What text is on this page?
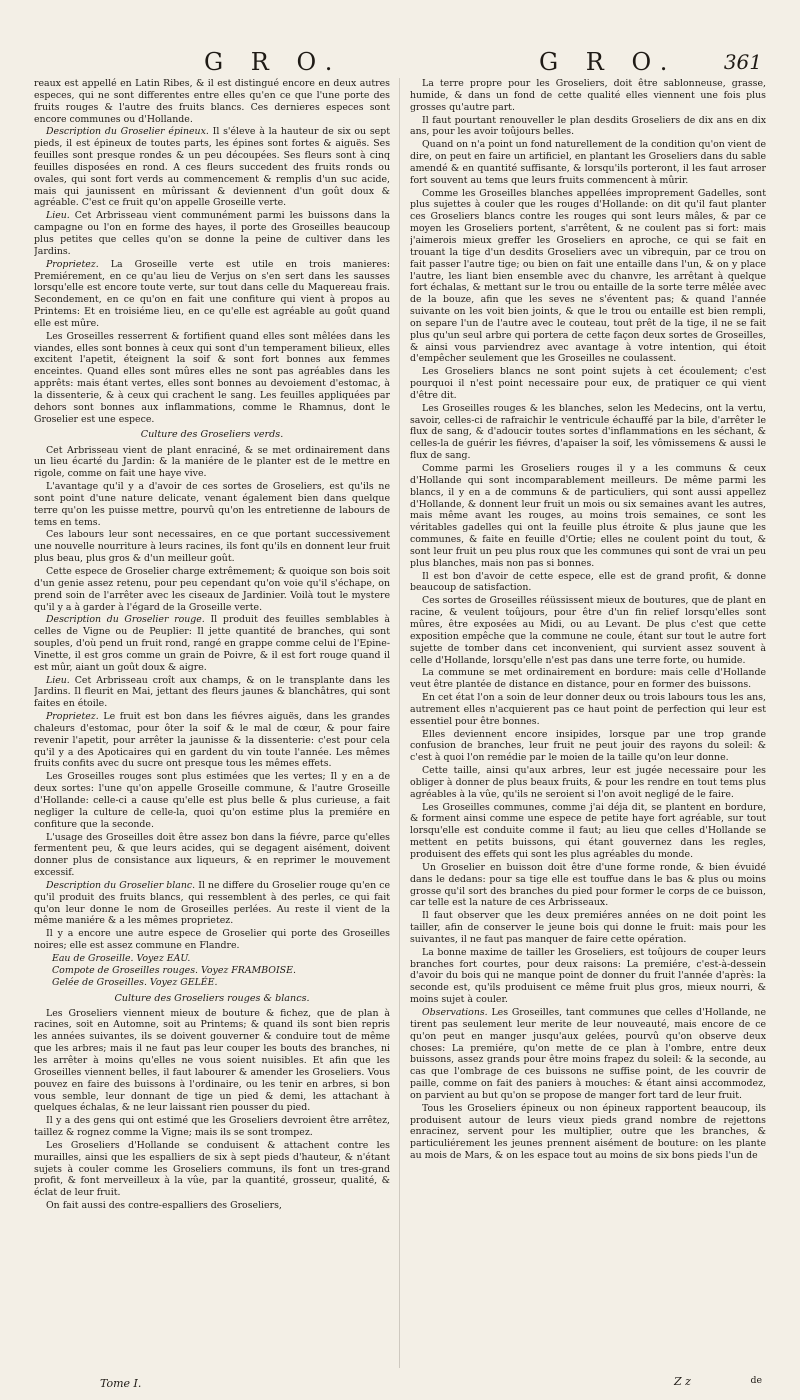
G R O.	G R O. 361

reaux est appellé en Latin Ribes, & il est distingué encore en deux autres especes, qui ne sont differentes entre elles qu'en ce que l'une porte des fruits rouges & l'autre des fruits blancs. Ces dernieres especes sont encore communes ou d'Hollande.

Description du Groselier épineux. Il s'éleve à la hauteur de six ou sept pieds, il est épineux de toutes parts, les épines sont fortes & aiguës. Ses feuilles sont presque rondes & un peu découpées. Ses fleurs sont à cinq feuilles disposées en rond. A ces fleurs succedent des fruits ronds ou ovales, qui sont fort verds au commencement & remplis d'un suc acide, mais qui jaunissent en mûrissant & deviennent d'un goût doux & agréable. C'est ce fruit qu'on appelle Groseille verte.

Lieu. Cet Arbrisseau vient communément parmi les buissons dans la campagne ou l'on en forme des hayes, il porte des Groseilles beaucoup plus petites que celles qu'on se donne la peine de cultiver dans les Jardins.

Proprietez. La Groseille verte est utile en trois manieres: Premiérement, en ce qu'au lieu de Verjus on s'en sert dans les sausses lorsqu'elle est encore toute verte, sur tout dans celle du Maquereau frais. Secondement, en ce qu'on en fait une confiture qui vient à propos au Printems: Et en troisiéme lieu, en ce qu'elle est agréable au goût quand elle est mûre.

Les Groseilles resserrent & fortifient quand elles sont mêlées dans les viandes, elles sont bonnes à ceux qui sont d'un temperament bilieux, elles excitent l'apetit, éteignent la soif & sont fort bonnes aux femmes enceintes. Quand elles sont mûres elles ne sont pas agréables dans les apprêts: mais étant vertes, elles sont bonnes au devoiement d'estomac, à la dissenterie, & à ceux qui crachent le sang. Les feuilles appliquées par dehors sont bonnes aux inflammations, comme le Rhamnus, dont le Groselier est une espece.

Culture des Groseliers verds.

Cet Arbrisseau vient de plant enraciné, & se met ordinairement dans un lieu écarté du Jardin: & la maniére de le planter est de le mettre en rigole, comme on fait une haye vive.

L'avantage qu'il y a d'avoir de ces sortes de Groseliers, est qu'ils ne sont point d'une nature delicate, venant également bien dans quelque terre qu'on les puisse mettre, pourvû qu'on les entretienne de labours de tems en tems.

Ces labours leur sont necessaires, en ce que portant successivement une nouvelle nourriture à leurs racines, ils font qu'ils en donnent leur fruit plus beau, plus gros & d'un meilleur goût.

Cette espece de Groselier charge extrêmement; & quoique son bois soit d'un genie assez retenu, pour peu cependant qu'on voie qu'il s'échape, on prend soin de l'arrêter avec les ciseaux de Jardinier. Voilà tout le mystere qu'il y a à garder à l'égard de la Groseille verte.

Description du Groselier rouge. Il produit des feuilles semblables à celles de Vigne ou de Peuplier: Il jette quantité de branches, qui sont souples, d'où pend un fruit rond, rangé en grappe comme celui de l'Epine-Vinette, il est gros comme un grain de Poivre, & il est fort rouge quand il est mûr, aiant un goût doux & aigre.

Lieu. Cet Arbrisseau croît aux champs, & on le transplante dans les Jardins. Il fleurit en Mai, jettant des fleurs jaunes & blanchâtres, qui sont faites en étoile.

Proprietez. Le fruit est bon dans les fiévres aiguës, dans les grandes chaleurs d'estomac, pour ôter la soif & le mal de cœur, & pour faire revenir l'apetit, pour arrêter la jaunisse & la dissenterie: c'est pour cela qu'il y a des Apoticaires qui en gardent du vin toute l'année. Les mêmes fruits confits avec du sucre ont presque tous les mêmes effets.

Les Groseilles rouges sont plus estimées que les vertes; Il y en a de deux sortes: l'une qu'on appelle Groseille commune, & l'autre Groseille d'Hollande: celle-ci a cause qu'elle est plus belle & plus curieuse, a fait negliger la culture de celle-la, quoi qu'on estime plus la premiére en confiture que la seconde.

L'usage des Groseilles doit être assez bon dans la fiévre, parce qu'elles fermentent peu, & que leurs acides, qui se degagent aisément, doivent donner plus de consistance aux liqueurs, & en reprimer le mouvement excessif.

Description du Groselier blanc. Il ne differe du Groselier rouge qu'en ce qu'il produit des fruits blancs, qui ressemblent à des perles, ce qui fait qu'on leur donne le nom de Groseilles perlées. Au reste il vient de la même maniére & a les mêmes proprietez.

Il y a encore une autre espece de Groselier qui porte des Groseilles noires; elle est assez commune en Flandre.

Eau de Groseille. Voyez EAU.

Compote de Groseilles rouges. Voyez FRAMBOISE.

Gelée de Groseilles. Voyez GELÉE.

Culture des Groseliers rouges & blancs.

Les Groseliers viennent mieux de bouture & fichez, que de plan à racines, soit en Automne, soit au Printems; & quand ils sont bien repris les années suivantes, ils se doivent gouverner & conduire tout de même que les arbres; mais il ne faut pas leur couper les bouts des branches, ni les arrêter à moins qu'elles ne vous soient nuisibles. Et afin que les Groseilles viennent belles, il faut labourer & amender les Groseliers. Vous pouvez en faire des buissons à l'ordinaire, ou les tenir en arbres, si bon vous semble, leur donnant de tige un pied & demi, les attachant à quelques échalas, & ne leur laissant rien pousser du pied.

Il y a des gens qui ont estimé que les Groseliers devroient être arrêtez, taillez & rognez comme la Vigne; mais ils se sont trompez.

Les Groseliers d'Hollande se conduisent & attachent contre les murailles, ainsi que les espalliers de six à sept pieds d'hauteur, & n'étant sujets à couler comme les Groseliers communs, ils font un tres-grand profit, & font merveilleux à la vûe, par la quantité, grosseur, qualité, & éclat de leur fruit.

On fait aussi des contre-espalliers des Groseliers,

La terre propre pour les Groseliers, doit être sablonneuse, grasse, humide, & dans un fond de cette qualité elles viennent une fois plus grosses qu'autre part.

Il faut pourtant renouveller le plan desdits Groseliers de dix ans en dix ans, pour les avoir toûjours belles.

Quand on n'a point un fond naturellement de la condition qu'on vient de dire, on peut en faire un artificiel, en plantant les Groseliers dans du sable amendé & en quantité suffisante, & lorsqu'ils porteront, il les faut arroser fort souvent au tems que leurs fruits commencent à mûrir.

Comme les Groseilles blanches appellées improprement Gadelles, sont plus sujettes à couler que les rouges d'Hollande: on dit qu'il faut planter ces Groseliers blancs contre les rouges qui sont leurs mâles, & par ce moyen les Groseliers portent, s'arrêtent, & ne coulent pas si fort: mais j'aimerois mieux greffer les Groseliers en aproche, ce qui se fait en trouant la tige d'un desdits Groseliers avec un vibrequin, par ce trou on fait passer l'autre tige; ou bien on fait une entaille dans l'un, & on y place l'autre, les liant bien ensemble avec du chanvre, les arrêtant à quelque fort échalas, & mettant sur le trou ou entaille de la sorte terre mêlée avec de la bouze, afin que les seves ne s'éventent pas; & quand l'année suivante on les voit bien joints, & que le trou ou entaille est bien rempli, on separe l'un de l'autre avec le couteau, tout prêt de la tige, il ne se fait plus qu'un seul arbre qui portera de cette façon deux sortes de Groseilles, & ainsi vous parviendrez avec avantage à votre intention, qui étoit d'empêcher seulement que les Groseilles ne coulassent.

Les Groseliers blancs ne sont point sujets à cet écoulement; c'est pourquoi il n'est point necessaire pour eux, de pratiquer ce qui vient d'être dit.

Les Groseilles rouges & les blanches, selon les Medecins, ont la vertu, savoir, celles-ci de rafraichir le ventricule échauffé par la bile, d'arrêter le flux de sang, & d'adoucir toutes sortes d'inflammations en les séchant, & celles-la de guérir les fiévres, d'apaiser la soif, les vômissemens & aussi le flux de sang.

Comme parmi les Groseliers rouges il y a les communs & ceux d'Hollande qui sont incomparablement meilleurs. De même parmi les blancs, il y en a de communs & de particuliers, qui sont aussi appellez d'Hollande, & donnent leur fruit un mois ou six semaines avant les autres, mais même avant les rouges, au moins trois semaines, ce sont les véritables gadelles qui ont la feuille plus étroite & plus jaune que les communes, & faite en feuille d'Ortie; elles ne coulent point du tout, & sont leur fruit un peu plus roux que les communes qui sont de vrai un peu plus blanches, mais non pas si bonnes.

Il est bon d'avoir de cette espece, elle est de grand profit, & donne beaucoup de satisfaction.

Ces sortes de Groseilles réüssissent mieux de boutures, que de plant en racine, & veulent toûjours, pour être d'un fin relief lorsqu'elles sont mûres, être exposées au Midi, ou au Levant. De plus c'est que cette exposition empêche que la commune ne coule, étant sur tout le autre fort sujette de tomber dans cet inconvenient, qui survient assez souvent à celle d'Hollande, lorsqu'elle n'est pas dans une terre forte, ou humide.

La commune se met ordinairement en bordure: mais celle d'Hollande veut être plantée de distance en distance, pour en former des buissons.

En cet état l'on a soin de leur donner deux ou trois labours tous les ans, autrement elles n'acquierent pas ce haut point de perfection qui leur est essentiel pour être bonnes.

Elles deviennent encore insipides, lorsque par une trop grande confusion de branches, leur fruit ne peut jouir des rayons du soleil: & c'est à quoi l'on remédie par le moien de la taille qu'on leur donne.

Cette taille, ainsi qu'aux arbres, leur est jugée necessaire pour les obliger à donner de plus beaux fruits, & pour les rendre en tout tems plus agréables à la vûe, qu'ils ne seroient si l'on avoit negligé de le faire.

Les Groseilles communes, comme j'ai déja dit, se plantent en bordure, & forment ainsi comme une espece de petite haye fort agréable, sur tout lorsqu'elle est conduite comme il faut; au lieu que celles d'Hollande se mettent en petits buissons, qui étant gouvernez dans les regles, produisent des effets qui sont les plus agréables du monde.

Un Groselier en buisson doit être d'une forme ronde, & bien évuidé dans le dedans: pour sa tige elle est touffue dans le bas & plus ou moins grosse qu'il sort des branches du pied pour former le corps de ce buisson, car telle est la nature de ces Arbrisseaux.

Il faut observer que les deux premiéres années on ne doit point les tailler, afin de conserver le jeune bois qui donne le fruit: mais pour les suivantes, il ne faut pas manquer de faire cette opération.

La bonne maxime de tailler les Groseliers, est toûjours de couper leurs branches fort courtes, pour deux raisons: La premiére, c'est-à-dessein d'avoir du bois qui ne manque point de donner du fruit l'année d'après: la seconde est, qu'ils produisent ce même fruit plus gros, mieux nourri, & moins sujet à couler.

Observations. Les Groseilles, tant communes que celles d'Hollande, ne tirent pas seulement leur merite de leur nouveauté, mais encore de ce qu'on peut en manger jusqu'aux gelées, pourvû qu'on observe deux choses: La premiére, qu'on mette de ce plan à l'ombre, entre deux buissons, assez grands pour être moins frapez du soleil: & la seconde, au cas que l'ombrage de ces buissons ne suffise point, de les couvrir de paille, comme on fait des paniers à mouches: & étant ainsi accommodez, on parvient au but qu'on se propose de manger fort tard de leur fruit.

Tous les Groseliers épineux ou non épineux rapportent beaucoup, ils produisent autour de leurs vieux pieds grand nombre de rejettons enracinez, servent pour les multiplier, outre que les branches, & particuliérement les jeunes prennent aisément de bouture: on les plante au mois de Mars, & on les espace tout au moins de six bons pieds l'un de

Tome I.	Z z	de
